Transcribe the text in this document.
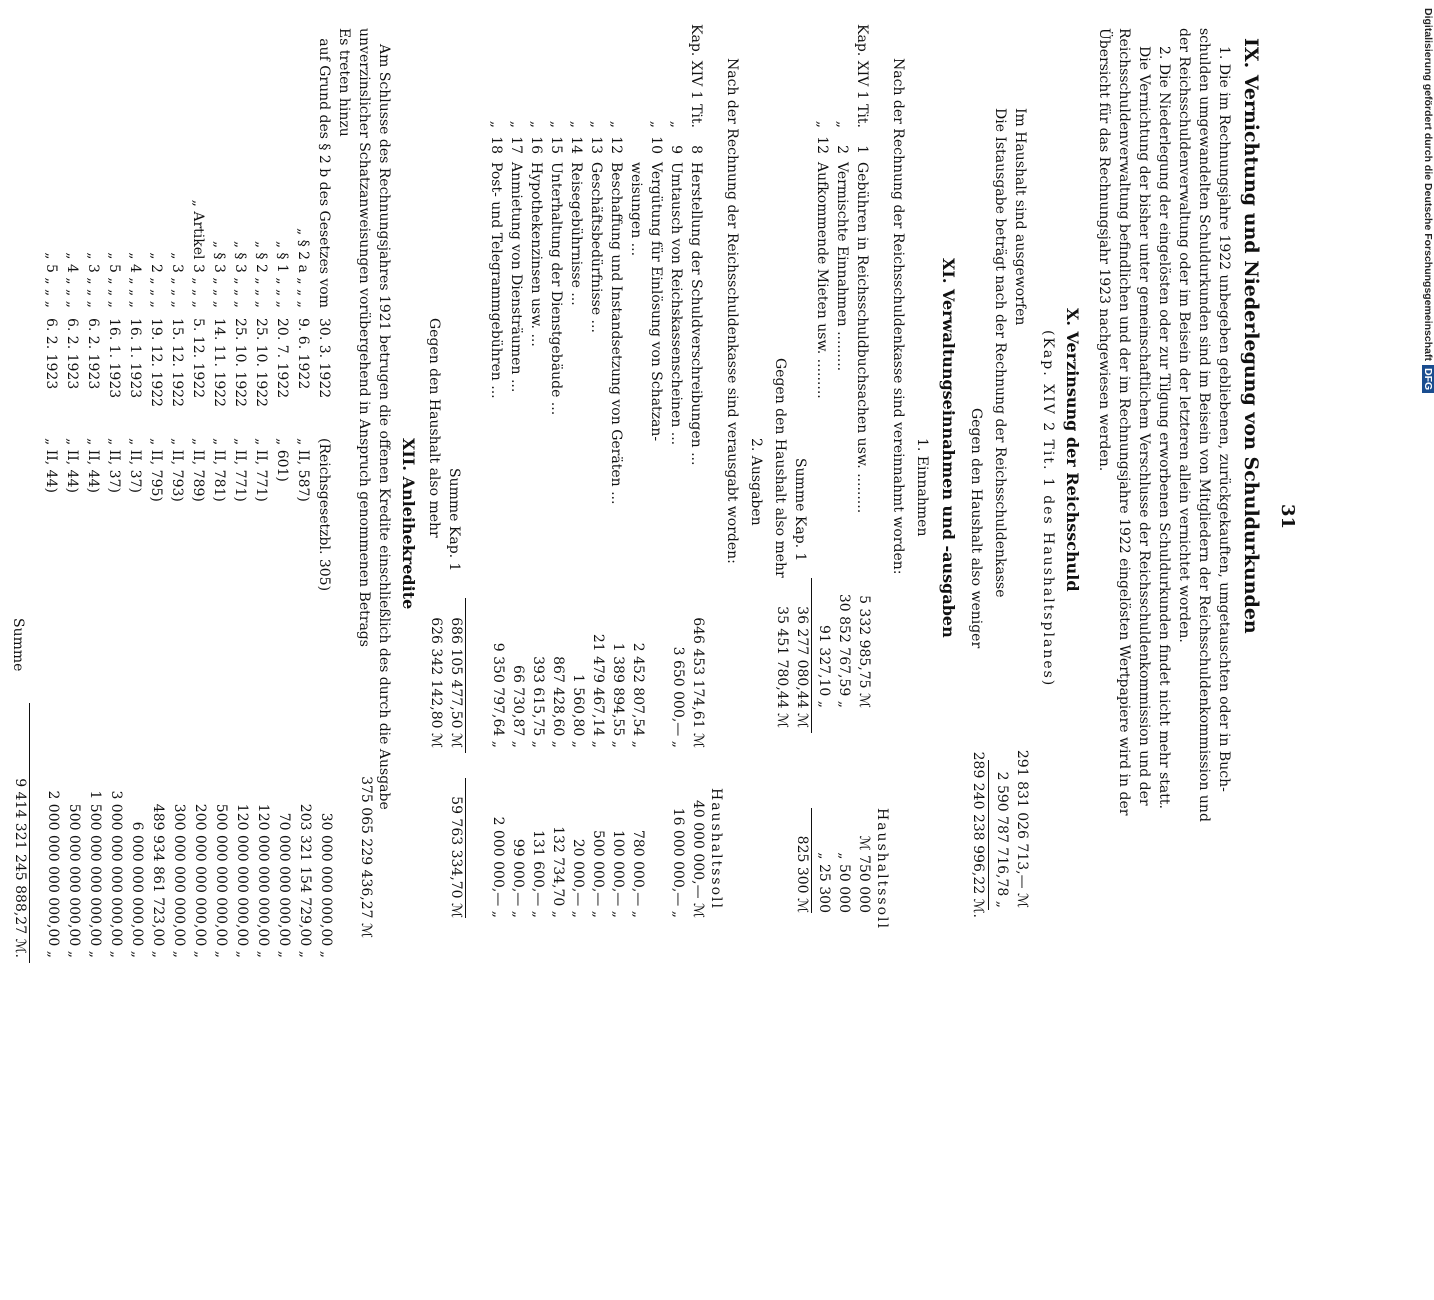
31
IX. Vernichtung und Niederlegung von Schuldurkunden
1. Die im Rechnungsjahre 1922 unbegeben gebliebenen, zurückgekauften, umgetauschten oder in Buch-
schulden umgewandelten Schuldurkunden sind im Beisein von Mitgliedern der Reichsschuldenkommission und
der Reichsschuldenverwaltung oder im Beisein der letzteren allein vernichtet worden.
2. Die Niederlegung der eingelösten oder zur Tilgung erworbenen Schuldurkunden findet nicht mehr statt.
Die Vernichtung der bisher unter gemeinschaftlichem Verschlusse der Reichsschuldenkommission und der
Reichsschuldenverwaltung befindlichen und der im Rechnungsjahre 1922 eingelösten Wertpapiere wird in der
Übersicht für das Rechnungsjahr 1923 nachgewiesen werden.
X. Verzinsung der Reichsschuld
(Kap. XIV 2 Tit. 1 des Haushaltsplanes)
Im Haushalt sind ausgeworfen
291 831 026 713,— ℳ
Die Istausgabe beträgt nach der Rechnung der Reichsschuldenkasse
2 590 787 716,78 „
Gegen den Haushalt also weniger
289 240 238 996,22 ℳ.
XI. Verwaltungseinnahmen und -ausgaben
1. Einnahmen
Nach der Rechnung der Reichsschuldenkasse sind vereinnahmt worden:
Haushaltssoll
Kap. XIV 1 Tit.
1
Gebühren in Reichsschuldbuchsachen usw. .........
5 332 985,75 ℳ
ℳ 750 000
„
2
Vermischte Einnahmen .........
30 852 767,59 „
„ 50 000
„
12
Aufkommende Mieten usw. .........
91 327,10 „
„ 25 300
Summe Kap. 1
36 277 080,44 ℳ
825 300 ℳ
Gegen den Haushalt also mehr
35 451 780,44 ℳ
2. Ausgaben
Nach der Rechnung der Reichsschuldenkasse sind verausgabt worden:
Haushaltssoll
Kap. XIV 1 Tit.
8
Herstellung der Schuldverschreibungen ...
646 453 174,61 ℳ
40 000 000,— ℳ
„
9
Umtausch von Reichskassenscheinen ...
3 650 000,— „
16 000 000,— „
„
10
Vergütung für Einlösung von Schatzan-
weisungen ...
2 452 807,54 „
780 000,— „
„
12
Beschaffung und Instandsetzung von Geräten ...
1 389 894,55 „
100 000,— „
„
13
Geschäftsbedürfnisse ...
21 479 467,14 „
500 000,— „
„
14
Reisegebührnisse ...
1 560,80 „
20 000,— „
„
15
Unterhaltung der Dienstgebäude ...
867 428,60 „
132 734,70 „
„
16
Hypothekenzinsen usw. ...
393 615,75 „
131 600,— „
„
17
Anmietung von Diensträumen ...
66 730,87 „
99 000,— „
„
18
Post- und Telegrammgebühren ...
9 350 797,64 „
2 000 000,— „
Summe Kap. 1
686 105 477,50 ℳ
59 763 334,70 ℳ
Gegen den Haushalt also mehr
626 342 142,80 ℳ
XII. Anleihekredite
Am Schlusse des Rechnungsjahres 1921 betrugen die offenen Kredite einschließlich des durch die Ausgabe
unverzinslicher Schatzanweisungen vorübergehend in Anspruch genommenen Betrags
Es treten hinzu
375 065 229 436,27 ℳ
auf Grund des § 2 b des Gesetzes vom
30. 3. 1922
(Reichsgesetzbl. 305)
30 000 000 000,00 „
„ § 2 a „ „ „
9. 6. 1922
„ II, 587)
203 321 154 729,00 „
„ § 1 „ „ „
20. 7. 1922
„ 601)
70 000 000 000,00 „
„ § 2 „ „ „
25. 10. 1922
„ II, 771)
120 000 000 000,00 „
„ § 3 „ „ „
25. 10. 1922
„ II, 771)
120 000 000 000,00 „
„ § 3 „ „ „
14. 11. 1922
„ II, 781)
500 000 000 000,00 „
„ Artikel 3 „ „ „
5. 12. 1922
„ II, 789)
200 000 000 000,00 „
„ 3 „ „ „
15. 12. 1922
„ II, 793)
300 000 000 000,00 „
„ 2 „ „ „
19. 12. 1922
„ II, 795)
489 934 861 723,00 „
„ 4 „ „ „
16. 1. 1923
„ II, 37)
6 000 000 000,00 „
„ 5 „ „ „
16. 1. 1923
„ II, 37)
3 000 000 000 000,00 „
„ 3 „ „ „
6. 2. 1923
„ II, 44)
1 500 000 000 000,00 „
„ 4 „ „ „
6. 2. 1923
„ II, 44)
500 000 000 000,00 „
„ 5 „ „ „
6. 2. 1923
„ II, 44)
2 000 000 000 000,00 „
Summe
9 414 321 245 888,27 ℳ.
Digitalisierung gefördert durch die Deutsche ForschungsgemeinschaftDFG
